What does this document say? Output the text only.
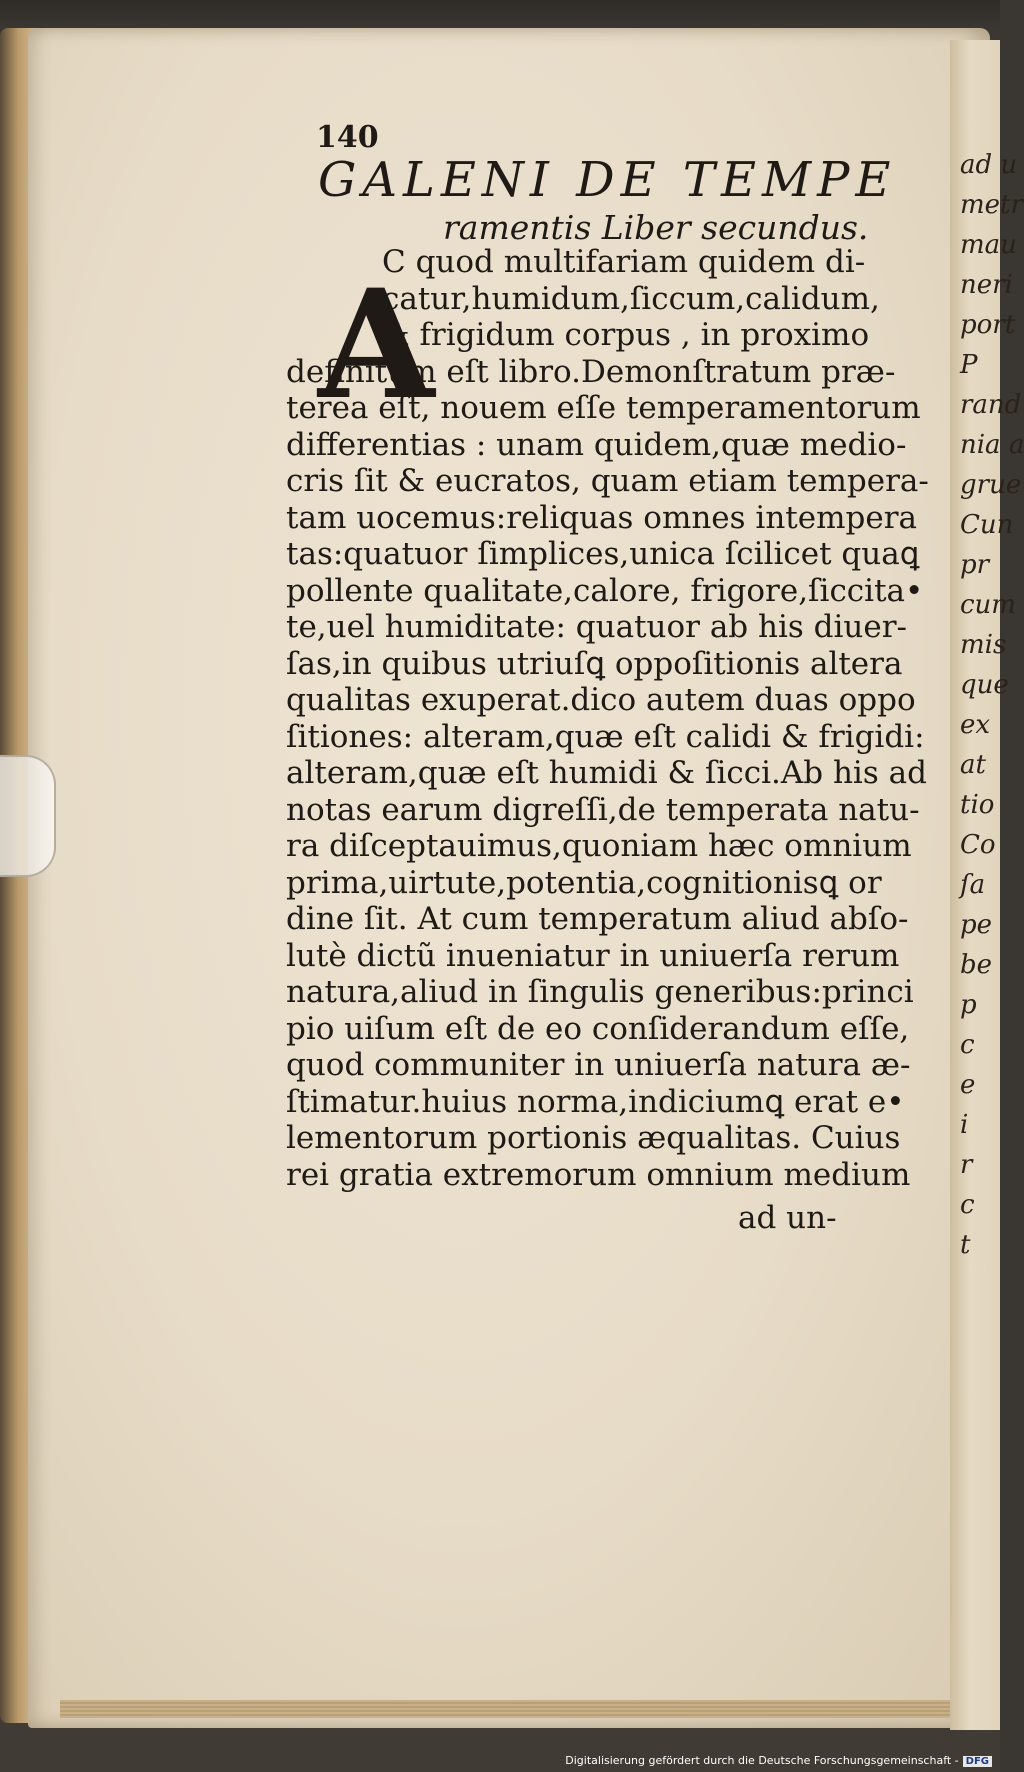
ad u
metr
mau
neri
port
P
rand
nia a
grue
Cun
pr
cum
mis
que
ex
at
tio
Co
ſa
pe
be
p
c
e
i
r
c
t
140
GALENI DE TEMPE
ramentis Liber secundus.
A
C quod multifariam quidem di-
catur,humidum,ſiccum,calidum,
& frigidum corpus , in proximo
definitum eſt libro.Demonſtratum præ-
terea eſt, nouem eſſe temperamentorum
differentias : unam quidem,quæ medio-
cris ſit & eucratos, quam etiam tempera-
tam uocemus:reliquas omnes intempera
tas:quatuor ſimplices,unica ſcilicet quaꝗ
pollente qualitate,calore, frigore,ſiccita•
te,uel humiditate: quatuor ab his diuer-
ſas,in quibus utriuſꝗ oppoſitionis altera
qualitas exuperat.dico autem duas oppo
ſitiones: alteram,quæ eſt calidi & frigidi:
alteram,quæ eſt humidi & ſicci.Ab his ad
notas earum digreſſi,de temperata natu-
ra diſceptauimus,quoniam hæc omnium
prima,uirtute,potentia,cognitionisꝗ or
dine ſit. At cum temperatum aliud abſo-
lutè dictũ inueniatur in uniuerſa rerum
natura,aliud in ſingulis generibus:princi
pio uiſum eſt de eo conſiderandum eſſe,
quod communiter in uniuerſa natura æ-
ſtimatur.huius norma,indiciumꝗ erat e•
lementorum portionis æqualitas. Cuius
rei gratia extremorum omnium medium
ad un-
Digitalisierung gefördert durch die Deutsche Forschungsgemeinschaft - DFG
